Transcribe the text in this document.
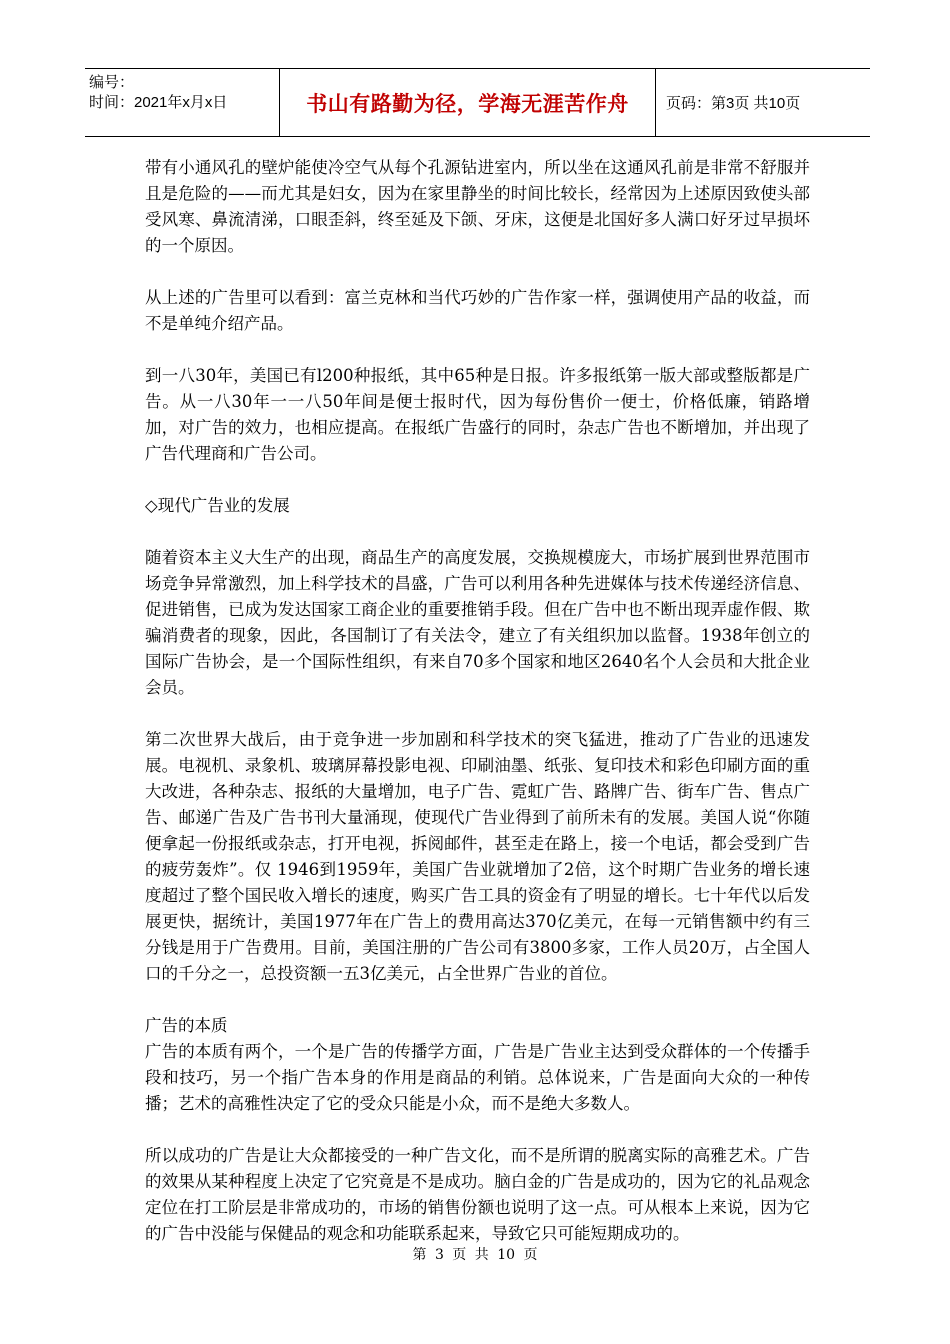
编号：
时间：2021年x月x日	书山有路勤为径，学海无涯苦作舟	页码：第3页 共10页

带有小通风孔的壁炉能使冷空气从每个孔源钻进室内，所以坐在这通风孔前是非常不舒服并且是危险的——而尤其是妇女，因为在家里静坐的时间比较长，经常因为上述原因致使头部受风寒、鼻流清涕，口眼歪斜，终至延及下颌、牙床，这便是北国好多人满口好牙过早损坏的一个原因。

从上述的广告里可以看到：富兰克林和当代巧妙的广告作家一样，强调使用产品的收益，而不是单纯介绍产品。

到一八30年，美国已有l200种报纸，其中65种是日报。许多报纸第一版大部或整版都是广告。从一八30年一一八50年间是便士报时代，因为每份售价一便士，价格低廉，销路增加，对广告的效力，也相应提高。在报纸广告盛行的同时，杂志广告也不断增加，并出现了广告代理商和广告公司。

◇现代广告业的发展

随着资本主义大生产的出现，商品生产的高度发展，交换规模庞大，市场扩展到世界范围市场竞争异常激烈，加上科学技术的昌盛，广告可以利用各种先进媒体与技术传递经济信息、促进销售，已成为发达国家工商企业的重要推销手段。但在广告中也不断出现弄虚作假、欺骗消费者的现象，因此，各国制订了有关法令，建立了有关组织加以监督。1938年创立的国际广告协会，是一个国际性组织，有来自70多个国家和地区2640名个人会员和大批企业会员。

第二次世界大战后，由于竞争进一步加剧和科学技术的突飞猛进，推动了广告业的迅速发展。电视机、录象机、玻璃屏幕投影电视、印刷油墨、纸张、复印技术和彩色印刷方面的重大改进，各种杂志、报纸的大量增加，电子广告、霓虹广告、路牌广告、街车广告、售点广告、邮递广告及广告书刊大量涌现，使现代广告业得到了前所未有的发展。美国人说“你随便拿起一份报纸或杂志，打开电视，拆阅邮件，甚至走在路上，接一个电话，都会受到广告的疲劳轰炸”。仅 1946到1959年，美国广告业就增加了2倍，这个时期广告业务的增长速度超过了整个国民收入增长的速度，购买广告工具的资金有了明显的增长。七十年代以后发展更快，据统计，美国1977年在广告上的费用高达370亿美元，在每一元销售额中约有三分钱是用于广告费用。目前，美国注册的广告公司有3800多家，工作人员20万，占全国人口的千分之一，总投资额一五3亿美元，占全世界广告业的首位。

广告的本质

广告的本质有两个，一个是广告的传播学方面，广告是广告业主达到受众群体的一个传播手段和技巧，另一个指广告本身的作用是商品的利销。总体说来，广告是面向大众的一种传播；艺术的高雅性决定了它的受众只能是小众，而不是绝大多数人。

所以成功的广告是让大众都接受的一种广告文化，而不是所谓的脱离实际的高雅艺术。广告的效果从某种程度上决定了它究竟是不是成功。脑白金的广告是成功的，因为它的礼品观念定位在打工阶层是非常成功的，市场的销售份额也说明了这一点。可从根本上来说，因为它的广告中没能与保健品的观念和功能联系起来，导致它只可能短期成功的。

第 3 页 共 10 页
